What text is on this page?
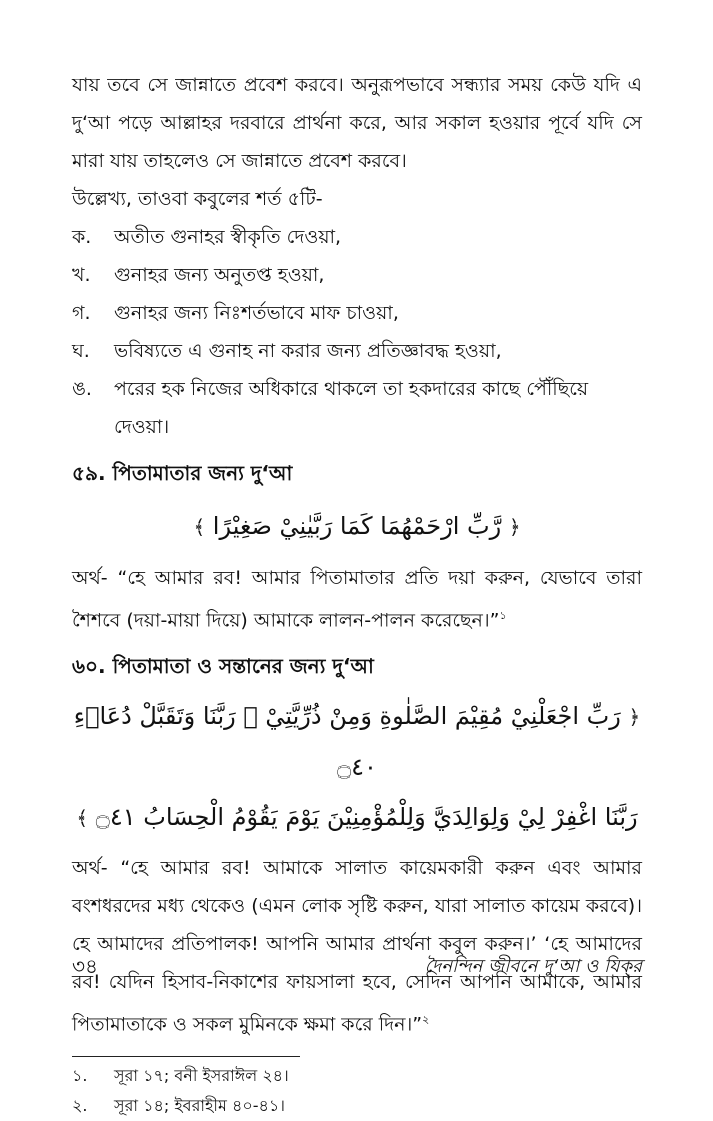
যায় তবে সে জান্নাতে প্রবেশ করবে। অনুরূপভাবে সন্ধ্যার সময় কেউ যদি এ দু‘আ পড়ে আল্লাহর দরবারে প্রার্থনা করে, আর সকাল হওয়ার পূর্বে যদি সে মারা যায় তাহলেও সে জান্নাতে প্রবেশ করবে।

উল্লেখ্য, তাওবা কবুলের শর্ত ৫টি-
ক. অতীত গুনাহর স্বীকৃতি দেওয়া,
খ. গুনাহর জন্য অনুতপ্ত হওয়া,
গ. গুনাহর জন্য নিঃশর্তভাবে মাফ চাওয়া,
ঘ. ভবিষ্যতে এ গুনাহ না করার জন্য প্রতিজ্ঞাবদ্ধ হওয়া,
ঙ. পরের হক নিজের অধিকারে থাকলে তা হকদারের কাছে পৌঁছিয়ে দেওয়া।
৫৯. পিতামাতার জন্য দু‘আ
﴿ رَّبِّ ارْحَمْهُمَا كَمَا رَبَّيٰنِيْ صَغِيْرًا ﴾

অর্থ- “হে আমার রব! আমার পিতামাতার প্রতি দয়া করুন, যেভাবে তারা শৈশবে (দয়া-মায়া দিয়ে) আমাকে লালন-পালন করেছেন।”$^১$

৬০. পিতামাতা ও সন্তানের জন্য দু‘আ
﴿ رَبِّ اجْعَلْنِيْ مُقِيْمَ الصَّلٰوةِ وَمِنْ ذُرِّيَّتِيْ ۖ رَبَّنَا وَتَقَبَّلْ دُعَاۤءِ ۝٤٠
رَبَّنَا اغْفِرْ لِيْ وَلِوَالِدَيَّ وَلِلْمُؤْمِنِيْنَ يَوْمَ يَقُوْمُ الْحِسَابُ ۝٤١ ﴾

অর্থ- “হে আমার রব! আমাকে সালাত কায়েমকারী করুন এবং আমার বংশধরদের মধ্য থেকেও (এমন লোক সৃষ্টি করুন, যারা সালাত কায়েম করবে)। হে আমাদের প্রতিপালক! আপনি আমার প্রার্থনা কবুল করুন।’ ‘হে আমাদের রব! যেদিন হিসাব-নিকাশের ফায়সালা হবে, সেদিন আপনি আমাকে, আমার পিতামাতাকে ও সকল মুমিনকে ক্ষমা করে দিন।”$^২$

১. সূরা ১৭; বনী ইসরাঈল ২৪।
২. সূরা ১৪; ইবরাহীম ৪০-৪১।
৩৪	দৈনন্দিন জীবনে দু‘আ ও যিক্‌র
